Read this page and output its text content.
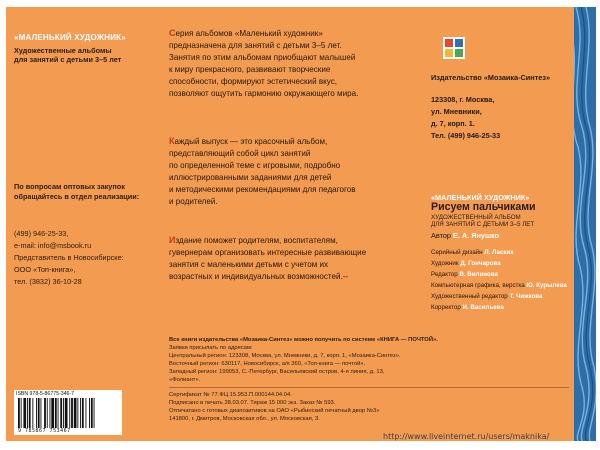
«МАЛЕНЬКИЙ ХУДОЖНИК»
Художественные альбомы
для занятий с детьми 3–5 лет
По вопросам оптовых закупок обращайтесь в отдел реализации:
(499) 946-25-33,
e-mail: info@msbook.ru
Представитель в Новосибирске:
ООО «Топ-книга»,
тел. (3832) 36-10-28
Серия альбомов «Маленький художник»
предназначена для занятий с детьми 3–5 лет.
Занятия по этим альбомам приобщают малышей
к миру прекрасного, развивают творческие
способности, формируют эстетический вкус,
позволяют ощутить гармонию окружающего мира.
Каждый выпуск — это красочный альбом,
представляющий собой цикл занятий
по определенной теме с игровыми, подробно
иллюстрированными заданиями для детей
и методическими рекомендациями для педагогов
и родителей.
Издание поможет родителям, воспитателям,
гувернерам организовать интересные развивающие
занятия с маленькими детьми с учетом их
возрастных и индивидуальных возможностей.--
Издательство «Мозаика-Синтез»
123308, г. Москва,
ул. Мневники,
д. 7, корп. 1.
Тел. (499) 946-25-33
«МАЛЕНЬКИЙ ХУДОЖНИК»
Рисуем пальчиками
ХУДОЖЕСТВЕННЫЙ АЛЬБОМ
ДЛЯ ЗАНЯТИЙ С ДЕТЬМИ 3–5 ЛЕТ
Автор Е. А. Янушко
Серийный дизайн Л. Ласких
Художник Д. Гончарова
Редактор В. Вилинова
Компьютерная графика, верстка Ю. Курылева
Художественный редактор Т. Чижкова
Корректор И. Васильева
Все книги издательства «Мозаика-Синтез» можно получить по системе «КНИГА — ПОЧТОЙ».
Заявки присылать по адресам:
Центральный регион: 123308, Москва, ул. Мневники, д. 7, корп. 1, «Мозаика-Синтез».
Восточный регион: 630117, Новосибирск, а/я 360, «Топ-книга — почтой».
Западный регион: 199053, С.-Петербург, Васильевский остров, 4-я линия, д. 13,
«Фолиант».
Сертификат № 77.ФЦ.15.953.П.000144.04.04.
Подписано в печать 28.03.07. Тираж 15 000 экз. Заказ № 593.
Отпечатано с готовых диапозитивов на ОАО «Рыбинский печатный двор №3»
141800, г. Дмитров, Московская обл., ул. Московская, 3.
ISBN 978-5-86775-346-7
9 785867 753467
http://www.liveinternet.ru/users/maknika/
